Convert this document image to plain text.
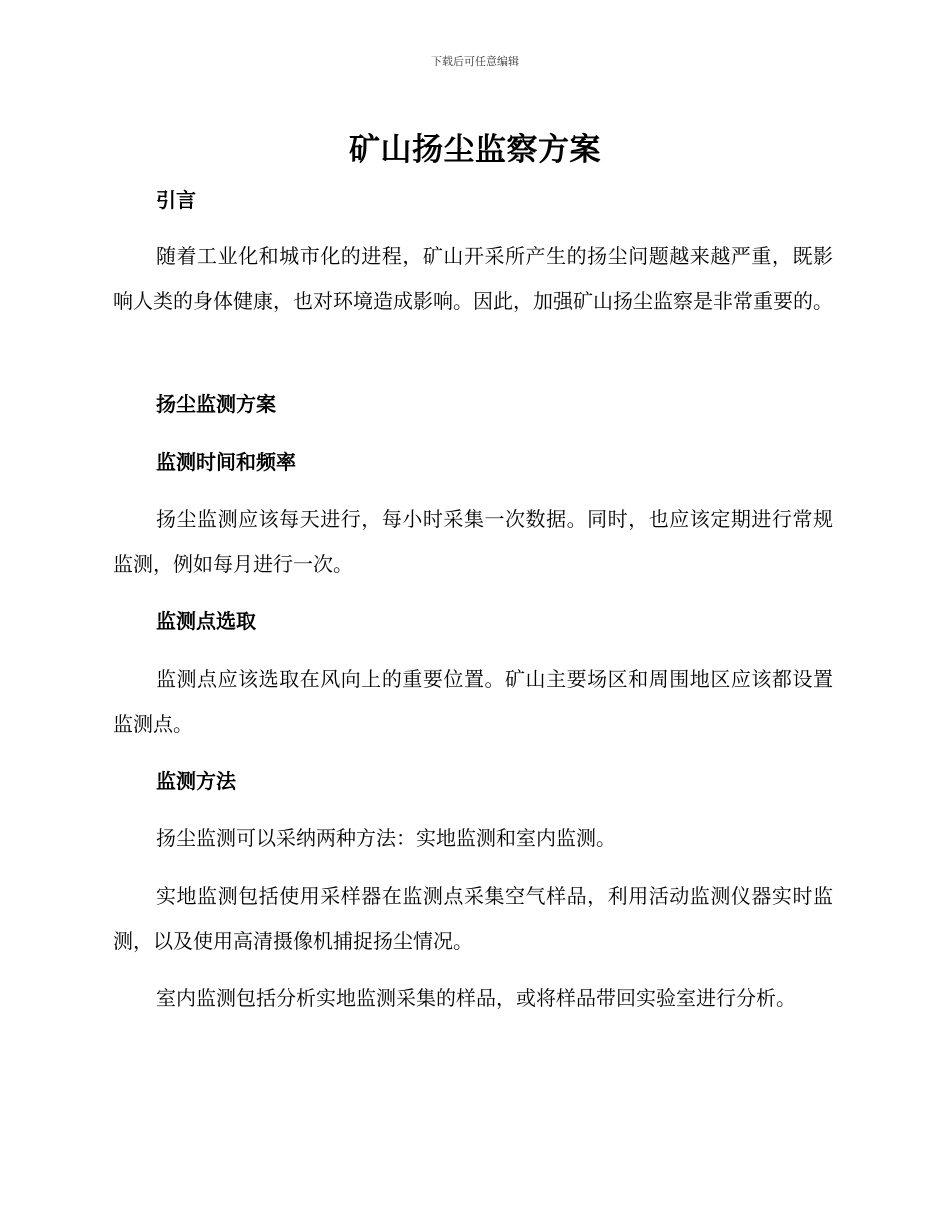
下载后可任意编辑
矿山扬尘监察方案
引言
随着工业化和城市化的进程，矿山开采所产生的扬尘问题越来越严重，既影响人类的身体健康，也对环境造成影响。因此，加强矿山扬尘监察是非常重要的。
扬尘监测方案
监测时间和频率
扬尘监测应该每天进行，每小时采集一次数据。同时，也应该定期进行常规监测，例如每月进行一次。
监测点选取
监测点应该选取在风向上的重要位置。矿山主要场区和周围地区应该都设置监测点。
监测方法
扬尘监测可以采纳两种方法：实地监测和室内监测。
实地监测包括使用采样器在监测点采集空气样品，利用活动监测仪器实时监测，以及使用高清摄像机捕捉扬尘情况。
室内监测包括分析实地监测采集的样品，或将样品带回实验室进行分析。
